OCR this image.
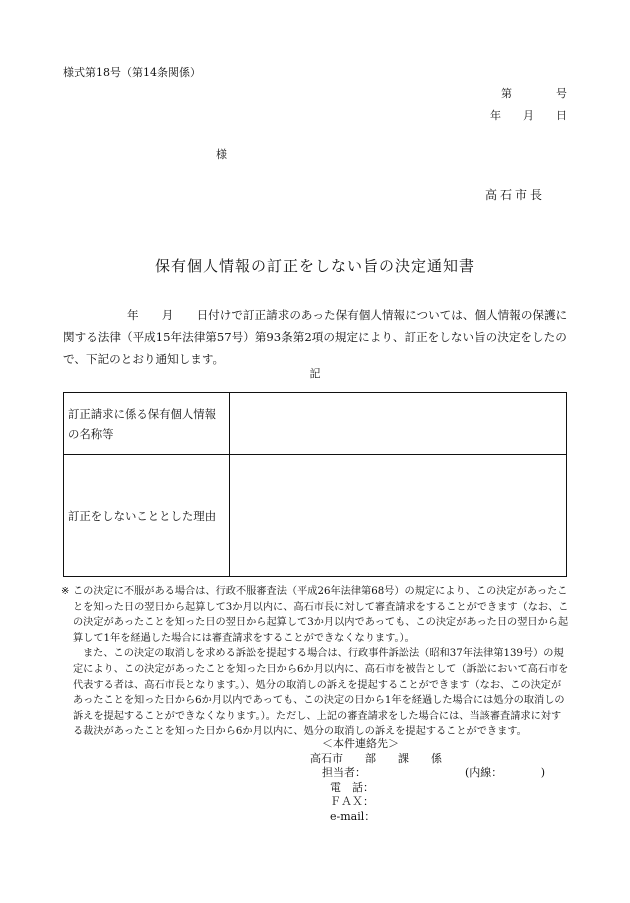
様式第18号（第14条関係）
第　　　　号
年　　月　　日
様
高石市長
保有個人情報の訂正をしない旨の決定通知書

年　　月　　日付けで訂正請求のあった保有個人情報については、個人情報の保護に関する法律（平成15年法律第57号）第93条第2項の規定により、訂正をしない旨の決定をしたので、下記のとおり通知します。

記
訂正請求に係る保有個人情報の名称等	
訂正をしないこととした理由	
※ この決定に不服がある場合は、行政不服審査法（平成26年法律第68号）の規定により、この決定があったことを知った日の翌日から起算して3か月以内に、高石市長に対して審査請求をすることができます（なお、この決定があったことを知った日の翌日から起算して3か月以内であっても、この決定があった日の翌日から起算して1年を経過した場合には審査請求をすることができなくなります。）。

また、この決定の取消しを求める訴訟を提起する場合は、行政事件訴訟法（昭和37年法律第139号）の規定により、この決定があったことを知った日から6か月以内に、高石市を被告として（訴訟において高石市を代表する者は、高石市長となります。）、処分の取消しの訴えを提起することができます（なお、この決定があったことを知った日から6か月以内であっても、この決定の日から1年を経過した場合には処分の取消しの訴えを提起することができなくなります。）。ただし、上記の審査請求をした場合には、当該審査請求に対する裁決があったことを知った日から6か月以内に、処分の取消しの訴えを提起することができます。

＜本件連絡先＞
高石市　　部　　課　　係
担当者：	(内線：　　　　)
電　話：
ＦＡＸ：
e-mail：
